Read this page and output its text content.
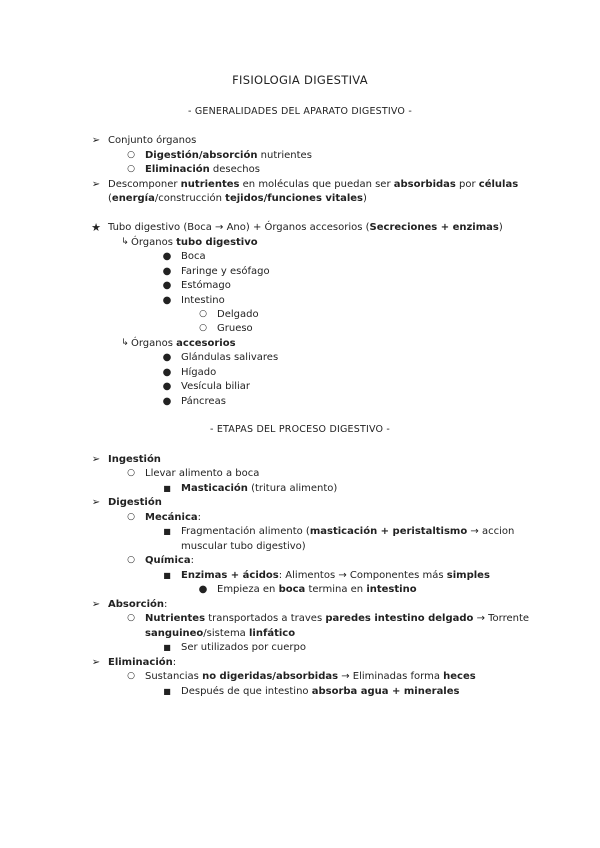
FISIOLOGIA DIGESTIVA
- GENERALIDADES DEL APARATO DIGESTIVO -
➢ Conjunto órganos
○	Digestión/absorción nutrientes
○	Eliminación desechos
➢ Descomponer nutrientes en moléculas que puedan ser absorbidas por células
(energía/construcción tejidos/funciones vitales)
★ Tubo digestivo (Boca → Ano) + Órganos accesorios (Secreciones + enzimas)
↳ Órganos tubo digestivo
● Boca
● Faringe y esófago
● Estómago
● Intestino
○	Delgado
○	Grueso
↳ Órganos accesorios
● Glándulas salivares
● Hígado
● Vesícula biliar
● Páncreas
- ETAPAS DEL PROCESO DIGESTIVO -
➢ Ingestión
○	Llevar alimento a boca
■	Masticación (tritura alimento)
➢ Digestión
○	Mecánica:
■	Fragmentación alimento (masticación + peristaltismo → accion
muscular tubo digestivo)
○	Química:
■	Enzimas + ácidos: Alimentos → Componentes más simples
● Empieza en boca termina en intestino
➢ Absorción:
○	Nutrientes transportados a traves paredes intestino delgado → Torrente
sanguineo/sistema linfático
■	Ser utilizados por cuerpo
➢ Eliminación:
○	Sustancias no digeridas/absorbidas → Eliminadas forma heces
■	Después de que intestino absorba agua + minerales
